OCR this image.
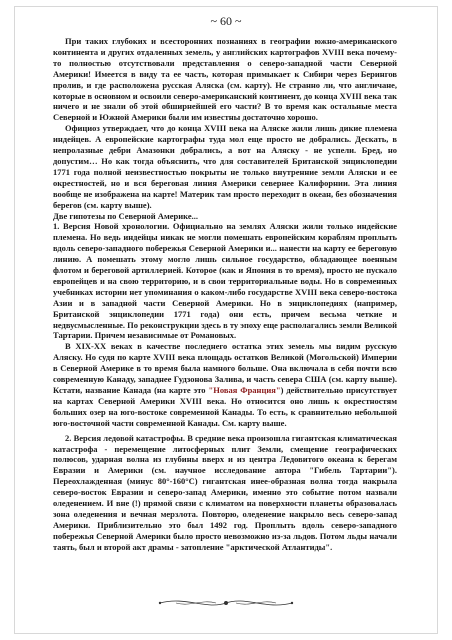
~ 60 ~

При таких глубоких и всесторонних познаниях в географии южно-американского континента и других отдаленных земель, у английских картографов XVIII века почему-то полностью отсутствовали представления о северо-западной части Северной Америки! Имеется в виду та ее часть, которая примыкает к Сибири через Берингов пролив, и где расположена русская Аляска (см. карту). Не странно ли, что англичане, которые в основном и освоили северо-американский континент, до конца XVIII века так ничего и не знали об этой обширнейшей его части? В то время как остальные места Северной и Южной Америки были им известны достаточно хорошо.

Официоз утверждает, что до конца XVIII века на Аляске жили лишь дикие племена индейцев. А европейские картографы туда мол еще просто не добрались. Дескать, в непролазные дебри Амазонки добрались, а вот на Аляску - не успели. Бред, но допустим… Но как тогда объяснить, что для составителей Британской энциклопедии 1771 года полной неизвестностью покрыты не только внутренние земли Аляски и ее окрестностей, но и вся береговая линия Америки севернее Калифорнии. Эта линия вообще не изображена на карте! Материк там просто переходит в океан, без обозначения берегов (см. карту выше).

Две гипотезы по Северной Америке...

1. Версия Новой хронологии. Официально на землях Аляски жили только индейские племена. Но ведь индейцы никак не могли помешать европейским кораблям проплыть вдоль северо-западного побережья Северной Америки и... нанести на карту ее береговую линию. А помешать этому могло лишь сильное государство, обладающее военным флотом и береговой артиллерией. Которое (как и Япония в то время), просто не пускало европейцев и на свою территорию, и в свои территориальные воды. Но в современных учебниках истории нет упоминания о каком-либо государстве XVIII века северо-востока Азии и в западной части Северной Америки. Но в энциклопедиях (например, Британской энциклопедии 1771 года) они есть, причем весьма четкие и недвусмысленные. По реконструкции здесь в ту эпоху еще располагались земли Великой Тартарии. Причем независимые от Романовых.

В XIX-XX веках в качестве последнего остатка этих земель мы видим русскую Аляску. Но судя по карте XVIII века площадь остатков Великой (Могольской) Империи в Северной Америке в то время была намного больше. Она включала в себя почти всю современную Канаду, западнее Гудзонова Залива, и часть севера США (см. карту выше). Кстати, название Канада (на карте это "Новая Франция") действительно присутствует на картах Северной Америки XVIII века. Но относится оно лишь к окрестностям больших озер на юго-востоке современной Канады. То есть, к сравнительно небольшой юго-восточной части современной Канады. См. карту выше.

2. Версия ледовой катастрофы. В средние века произошла гигантская климатическая катастрофа - перемещение литосферных плит Земли, смещение географических полюсов, ударная волна из глубины вверх и из центра Ледовитого океана к берегам Евразии и Америки (см. научное исследование автора "Гибель Тартарии"). Переохлажденная (минус 80°-160°С) гигантская инее-образная волна тогда накрыла северо-восток Евразии и северо-запад Америки, именно это событие потом назвали оледенением. И вне (!) прямой связи с климатом на поверхности планеты образовалась зона оледенения и вечная мерзлота. Повторю, оледенение накрыло весь северо-запад Америки. Приблизительно это был 1492 год. Проплыть вдоль северо-западного побережья Северной Америки было просто невозможно из-за льдов. Потом льды начали таять, был и второй акт драмы - затопление "арктической Атлантиды".
